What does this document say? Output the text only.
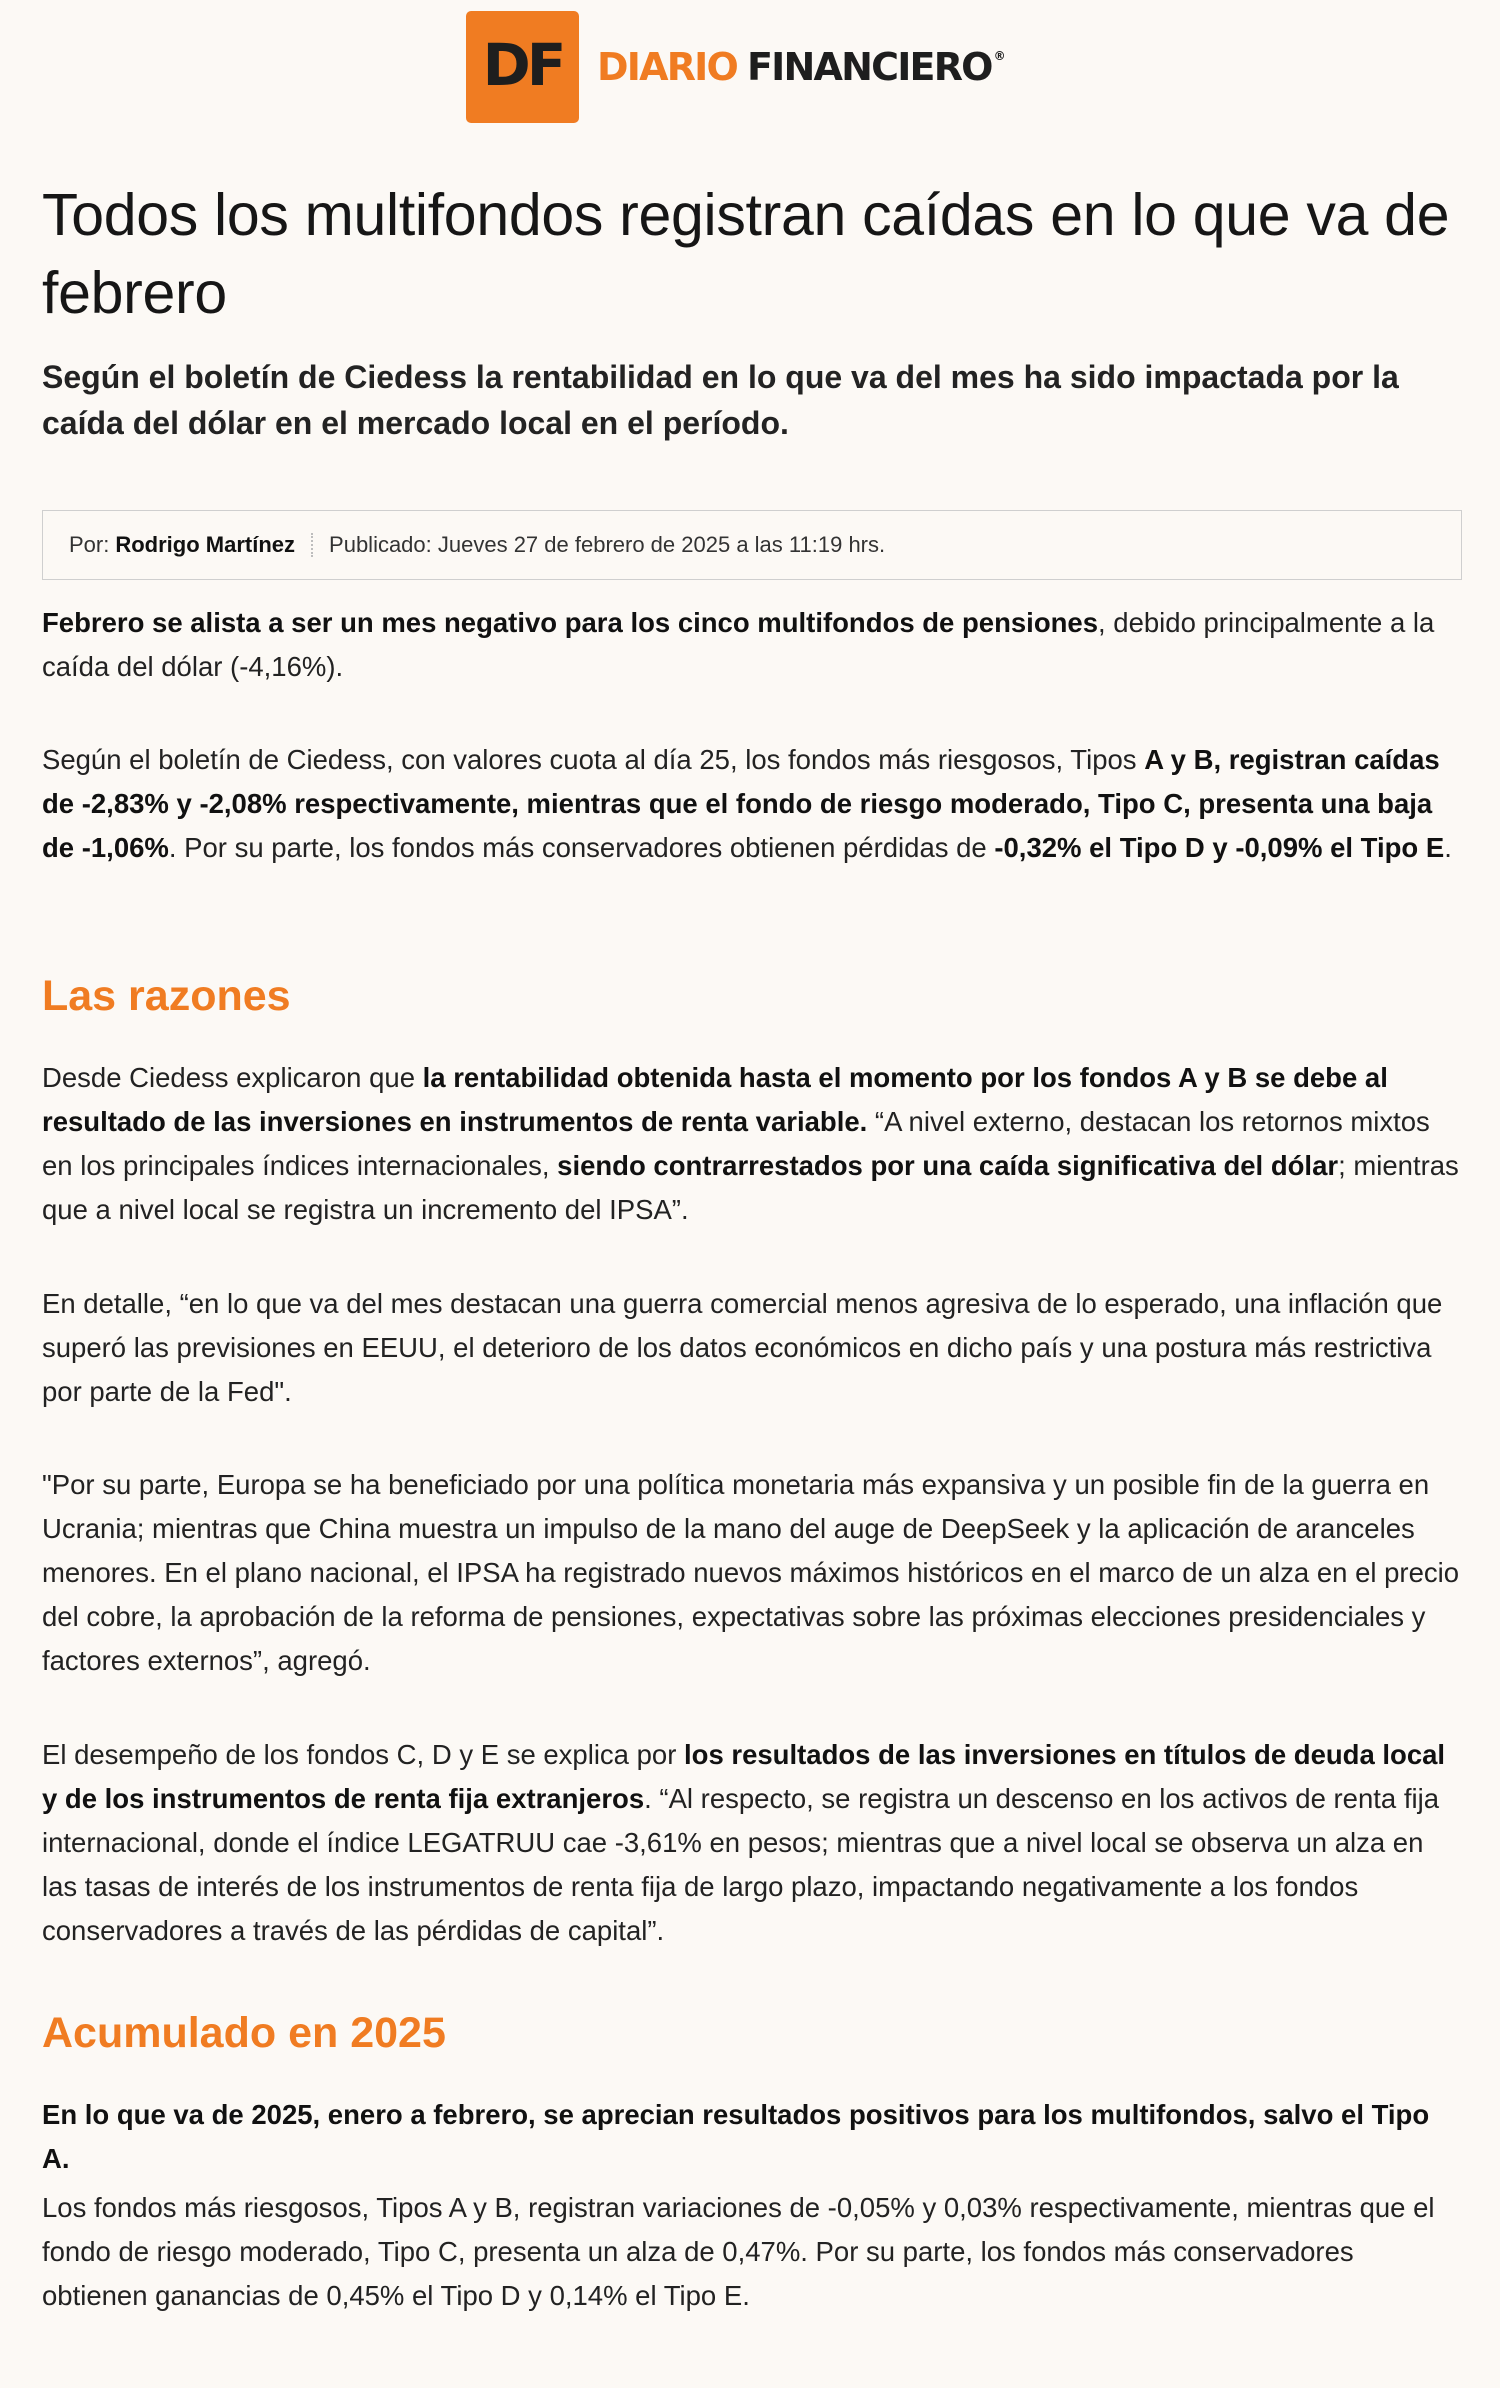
DF DIARIO FINANCIERO ®
Todos los multifondos registran caídas en lo que va de febrero
Según el boletín de Ciedess la rentabilidad en lo que va del mes ha sido impactada por la caída del dólar en el mercado local en el período.
Por: Rodrigo Martínez Publicado: Jueves 27 de febrero de 2025 a las 11:19 hrs.

Febrero se alista a ser un mes negativo para los cinco multifondos de pensiones, debido principalmente a la caída del dólar (-4,16%).

Según el boletín de Ciedess, con valores cuota al día 25, los fondos más riesgosos, Tipos A y B, registran caídas de -2,83% y -2,08% respectivamente, mientras que el fondo de riesgo moderado, Tipo C, presenta una baja de -1,06%. Por su parte, los fondos más conservadores obtienen pérdidas de -0,32% el Tipo D y -0,09% el Tipo E.

Las razones

Desde Ciedess explicaron que la rentabilidad obtenida hasta el momento por los fondos A y B se debe al resultado de las inversiones en instrumentos de renta variable. “A nivel externo, destacan los retornos mixtos en los principales índices internacionales, siendo contrarrestados por una caída significativa del dólar; mientras que a nivel local se registra un incremento del IPSA”.

En detalle, “en lo que va del mes destacan una guerra comercial menos agresiva de lo esperado, una inflación que superó las previsiones en EEUU, el deterioro de los datos económicos en dicho país y una postura más restrictiva por parte de la Fed".

"Por su parte, Europa se ha beneficiado por una política monetaria más expansiva y un posible fin de la guerra en Ucrania; mientras que China muestra un impulso de la mano del auge de DeepSeek y la aplicación de aranceles menores. En el plano nacional, el IPSA ha registrado nuevos máximos históricos en el marco de un alza en el precio del cobre, la aprobación de la reforma de pensiones, expectativas sobre las próximas elecciones presidenciales y factores externos”, agregó.

El desempeño de los fondos C, D y E se explica por los resultados de las inversiones en títulos de deuda local y de los instrumentos de renta fija extranjeros. “Al respecto, se registra un descenso en los activos de renta fija internacional, donde el índice LEGATRUU cae -3,61% en pesos; mientras que a nivel local se observa un alza en las tasas de interés de los instrumentos de renta fija de largo plazo, impactando negativamente a los fondos conservadores a través de las pérdidas de capital”.

Acumulado en 2025

En lo que va de 2025, enero a febrero, se aprecian resultados positivos para los multifondos, salvo el Tipo A.

Los fondos más riesgosos, Tipos A y B, registran variaciones de -0,05% y 0,03% respectivamente, mientras que el fondo de riesgo moderado, Tipo C, presenta un alza de 0,47%. Por su parte, los fondos más conservadores obtienen ganancias de 0,45% el Tipo D y 0,14% el Tipo E.
